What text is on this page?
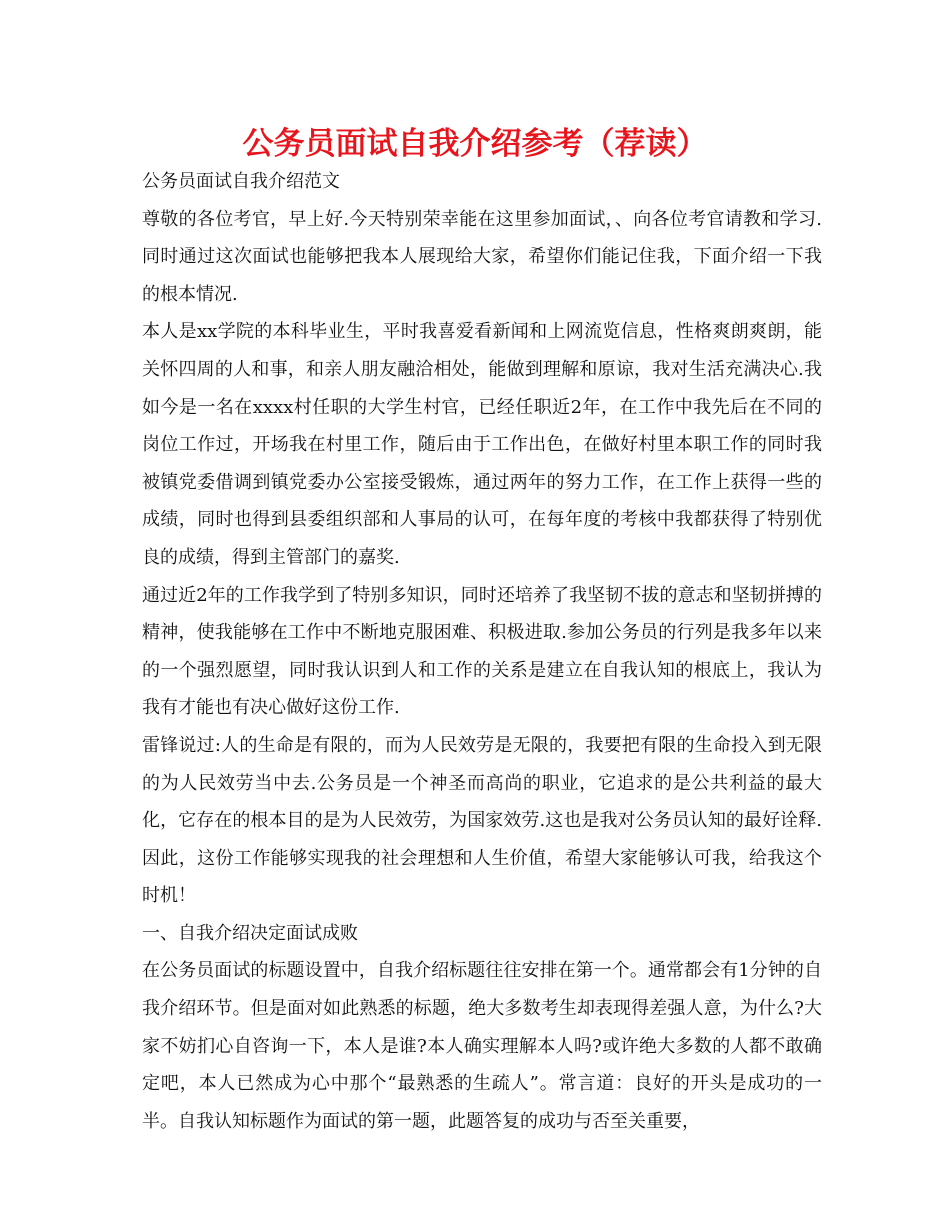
公务员面试自我介绍参考（荐读）

公务员面试自我介绍范文

尊敬的各位考官，早上好.今天特别荣幸能在这里参加面试，、向各位考官请教和学习.同时通过这次面试也能够把我本人展现给大家，希望你们能记住我，下面介绍一下我的根本情况.

本人是xx学院的本科毕业生，平时我喜爱看新闻和上网流览信息，性格爽朗爽朗，能关怀四周的人和事，和亲人朋友融洽相处，能做到理解和原谅，我对生活充满决心.我如今是一名在xxxx村任职的大学生村官，已经任职近2年，在工作中我先后在不同的岗位工作过，开场我在村里工作，随后由于工作出色，在做好村里本职工作的同时我被镇党委借调到镇党委办公室接受锻炼，通过两年的努力工作，在工作上获得一些的成绩，同时也得到县委组织部和人事局的认可，在每年度的考核中我都获得了特别优良的成绩，得到主管部门的嘉奖.

通过近2年的工作我学到了特别多知识，同时还培养了我坚韧不拔的意志和坚韧拼搏的精神，使我能够在工作中不断地克服困难、积极进取.参加公务员的行列是我多年以来的一个强烈愿望，同时我认识到人和工作的关系是建立在自我认知的根底上，我认为我有才能也有决心做好这份工作.

雷锋说过:人的生命是有限的，而为人民效劳是无限的，我要把有限的生命投入到无限的为人民效劳当中去.公务员是一个神圣而高尚的职业，它追求的是公共利益的最大化，它存在的根本目的是为人民效劳，为国家效劳.这也是我对公务员认知的最好诠释.因此，这份工作能够实现我的社会理想和人生价值，希望大家能够认可我，给我这个时机！

一、自我介绍决定面试成败

在公务员面试的标题设置中，自我介绍标题往往安排在第一个。通常都会有1分钟的自我介绍环节。但是面对如此熟悉的标题，绝大多数考生却表现得差强人意，为什么?大家不妨扪心自咨询一下，本人是谁?本人确实理解本人吗?或许绝大多数的人都不敢确定吧，本人已然成为心中那个“最熟悉的生疏人”。常言道：良好的开头是成功的一半。自我认知标题作为面试的第一题，此题答复的成功与否至关重要，
